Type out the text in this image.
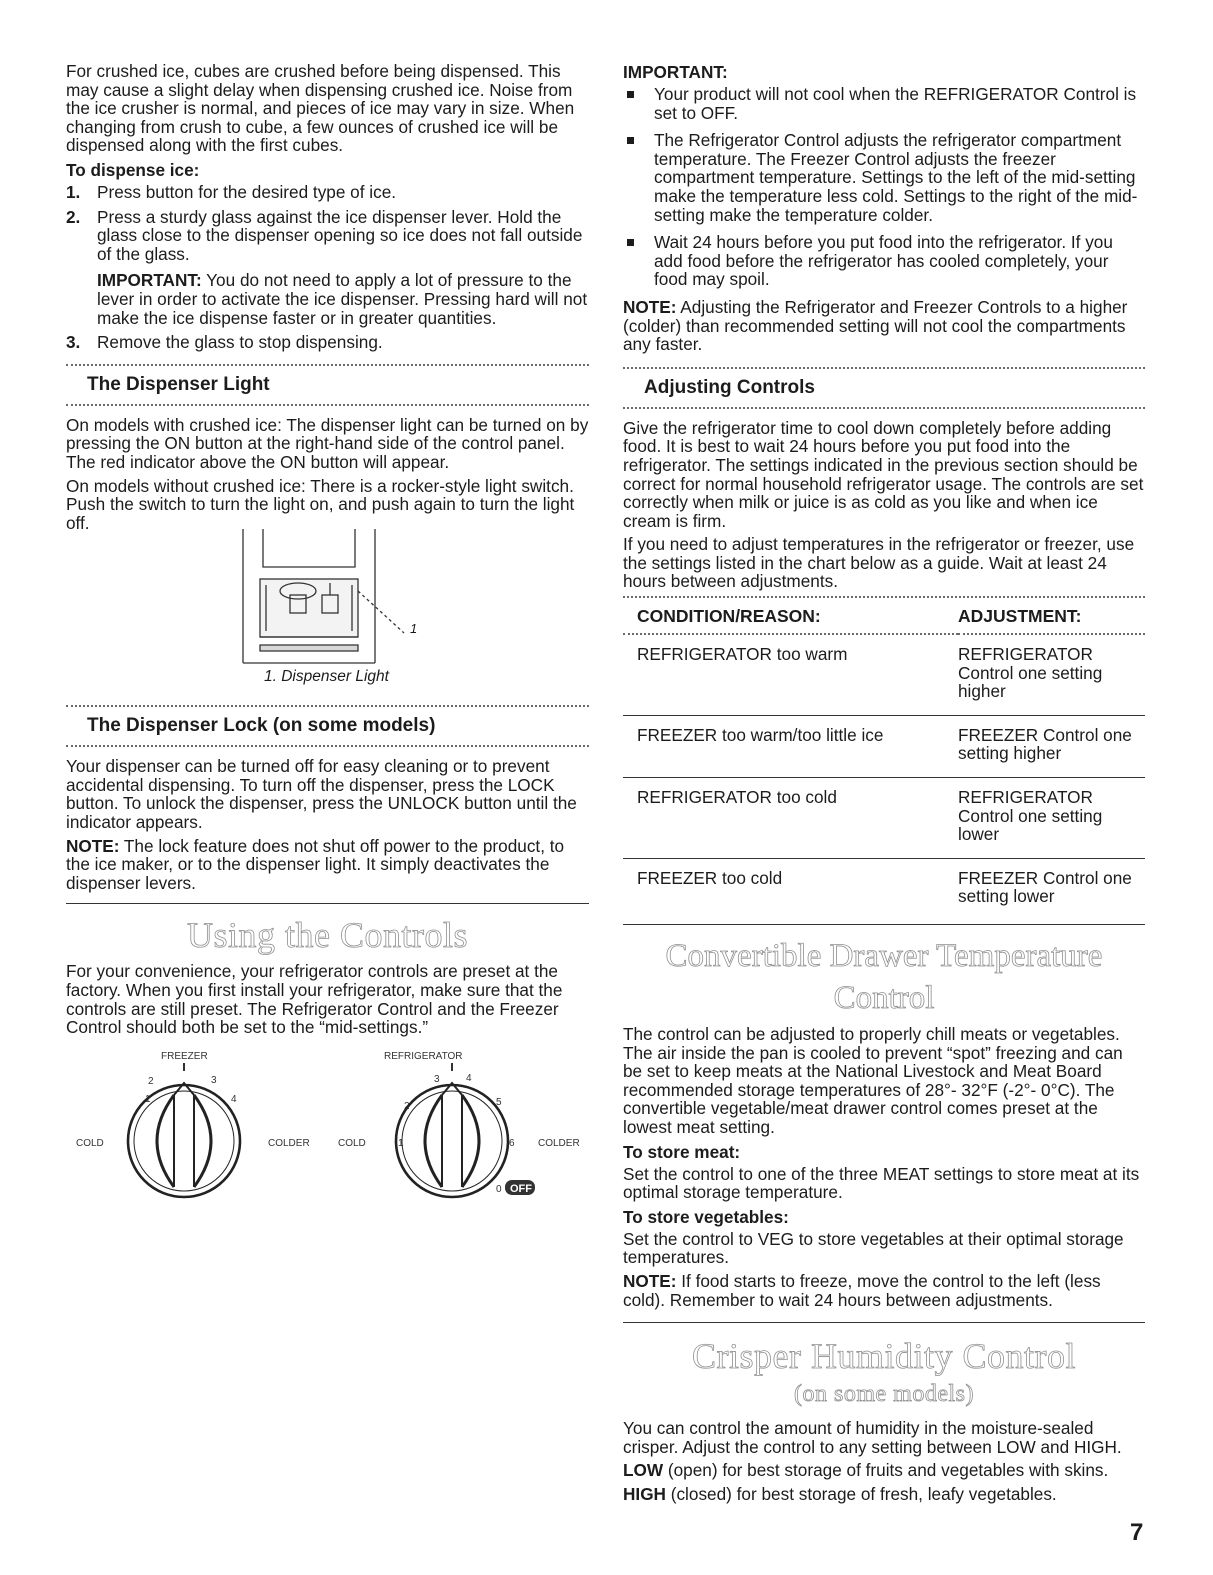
For crushed ice, cubes are crushed before being dispensed. This may cause a slight delay when dispensing crushed ice. Noise from the ice crusher is normal, and pieces of ice may vary in size. When changing from crush to cube, a few ounces of crushed ice will be dispensed along with the first cubes.

To dispense ice:
1. Press button for the desired type of ice.
2. Press a sturdy glass against the ice dispenser lever. Hold the glass close to the dispenser opening so ice does not fall outside of the glass.
IMPORTANT: You do not need to apply a lot of pressure to the lever in order to activate the ice dispenser. Pressing hard will not make the ice dispense faster or in greater quantities.
3. Remove the glass to stop dispensing.
The Dispenser Light

On models with crushed ice: The dispenser light can be turned on by pressing the ON button at the right-hand side of the control panel. The red indicator above the ON button will appear.

On models without crushed ice: There is a rocker-style light switch. Push the switch to turn the light on, and push again to turn the light off.

1
1. Dispenser Light
The Dispenser Lock (on some models)

Your dispenser can be turned off for easy cleaning or to prevent accidental dispensing. To turn off the dispenser, press the LOCK button. To unlock the dispenser, press the UNLOCK button until the indicator appears.

NOTE: The lock feature does not shut off power to the product, to the ice maker, or to the dispenser light. It simply deactivates the dispenser levers.

Using the Controls

For your convenience, your refrigerator controls are preset at the factory. When you first install your refrigerator, make sure that the controls are still preset. The Refrigerator Control and the Freezer Control should both be set to the “mid-settings.”

FREEZER
2	3
1	4
COLD	COLDER
REFRIGERATOR
3	4
2	5
1	6
COLD	COLDER
0 OFF
IMPORTANT:
Your product will not cool when the REFRIGERATOR Control is set to OFF.
The Refrigerator Control adjusts the refrigerator compartment temperature. The Freezer Control adjusts the freezer compartment temperature. Settings to the left of the mid-setting make the temperature less cold. Settings to the right of the mid-setting make the temperature colder.
Wait 24 hours before you put food into the refrigerator. If you add food before the refrigerator has cooled completely, your food may spoil.

NOTE: Adjusting the Refrigerator and Freezer Controls to a higher (colder) than recommended setting will not cool the compartments any faster.

Adjusting Controls

Give the refrigerator time to cool down completely before adding food. It is best to wait 24 hours before you put food into the refrigerator. The settings indicated in the previous section should be correct for normal household refrigerator usage. The controls are set correctly when milk or juice is as cold as you like and when ice cream is firm.

If you need to adjust temperatures in the refrigerator or freezer, use the settings listed in the chart below as a guide. Wait at least 24 hours between adjustments.

CONDITION/REASON:	ADJUSTMENT:
REFRIGERATOR too warm	REFRIGERATOR Control one setting higher
FREEZER too warm/too little ice	FREEZER Control one setting higher
REFRIGERATOR too cold	REFRIGERATOR Control one setting lower
FREEZER too cold	FREEZER Control one setting lower
Convertible Drawer Temperature Control

The control can be adjusted to properly chill meats or vegetables. The air inside the pan is cooled to prevent “spot” freezing and can be set to keep meats at the National Livestock and Meat Board recommended storage temperatures of 28°- 32°F (-2°- 0°C). The convertible vegetable/meat drawer control comes preset at the lowest meat setting.

To store meat:

Set the control to one of the three MEAT settings to store meat at its optimal storage temperature.

To store vegetables:

Set the control to VEG to store vegetables at their optimal storage temperatures.

NOTE: If food starts to freeze, move the control to the left (less cold). Remember to wait 24 hours between adjustments.

Crisper Humidity Control
(on some models)

You can control the amount of humidity in the moisture-sealed crisper. Adjust the control to any setting between LOW and HIGH.

LOW (open) for best storage of fruits and vegetables with skins.

HIGH (closed) for best storage of fresh, leafy vegetables.

7
